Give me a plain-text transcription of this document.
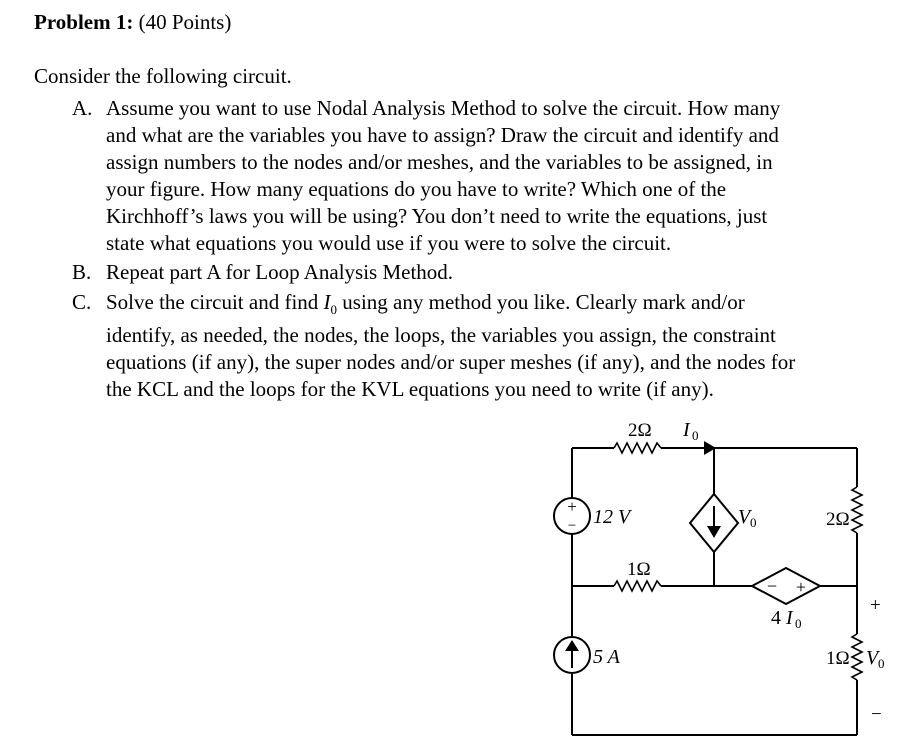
Problem 1: (40 Points)
Consider the following circuit.
A. Assume you want to use Nodal Analysis Method to solve the circuit. How many
and what are the variables you have to assign? Draw the circuit and identify and
assign numbers to the nodes and/or meshes, and the variables to be assigned, in
your figure. How many equations do you have to write? Which one of the
Kirchhoff’s laws you will be using? You don’t need to write the equations, just
state what equations you would use if you were to solve the circuit.
B. Repeat part A for Loop Analysis Method.
C. Solve the circuit and find $I_0$ using any method you like. Clearly mark and/or
identify, as needed, the nodes, the loops, the variables you assign, the constraint
equations (if any), the super nodes and/or super meshes (if any), and the nodes for
the KCL and the loops for the KVL equations you need to write (if any).
+
−
− +
2Ω I 0
12 V	V 0	2Ω
1Ω
4 I 0
+
5 A	1Ω V 0
−
